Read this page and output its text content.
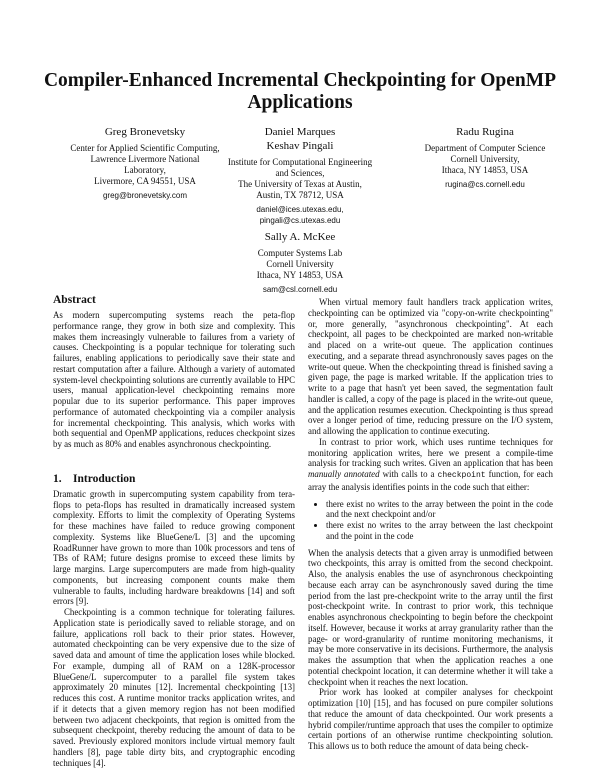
Compiler-Enhanced Incremental Checkpointing for OpenMP Applications
Greg Bronevetsky
Center for Applied Scientific Computing,
Lawrence Livermore National
Laboratory,
Livermore, CA 94551, USA
greg@bronevetsky.com
Daniel Marques
Keshav Pingali
Institute for Computational Engineering
and Sciences,
The University of Texas at Austin,
Austin, TX 78712, USA
daniel@ices.utexas.edu,
pingali@cs.utexas.edu
Radu Rugina
Department of Computer Science
Cornell University,
Ithaca, NY 14853, USA
rugina@cs.cornell.edu
Sally A. McKee
Computer Systems Lab
Cornell University
Ithaca, NY 14853, USA
sam@csl.cornell.edu
Abstract

As modern supercomputing systems reach the peta-flop performance range, they grow in both size and complexity. This makes them increasingly vulnerable to failures from a variety of causes. Checkpointing is a popular technique for tolerating such failures, enabling applications to periodically save their state and restart computation after a failure. Although a variety of automated system-level checkpointing solutions are currently available to HPC users, manual application-level checkpointing remains more popular due to its superior performance. This paper improves performance of automated checkpointing via a compiler analysis for incremental checkpointing. This analysis, which works with both sequential and OpenMP applications, reduces checkpoint sizes by as much as 80% and enables asynchronous checkpointing.

1. Introduction

Dramatic growth in supercomputing system capability from tera-flops to peta-flops has resulted in dramatically increased system complexity. Efforts to limit the complexity of Operating Systems for these machines have failed to reduce growing component complexity. Systems like BlueGene/L [3] and the upcoming RoadRunner have grown to more than 100k processors and tens of TBs of RAM; future designs promise to exceed these limits by large margins. Large supercomputers are made from high-quality components, but increasing component counts make them vulnerable to faults, including hardware breakdowns [14] and soft errors [9].

Checkpointing is a common technique for tolerating failures. Application state is periodically saved to reliable storage, and on failure, applications roll back to their prior states. However, automated checkpointing can be very expensive due to the size of saved data and amount of time the application loses while blocked. For example, dumping all of RAM on a 128K-processor BlueGene/L supercomputer to a parallel file system takes approximately 20 minutes [12]. Incremental checkpointing [13] reduces this cost. A runtime monitor tracks application writes, and if it detects that a given memory region has not been modified between two adjacent checkpoints, that region is omitted from the subsequent checkpoint, thereby reducing the amount of data to be saved. Previously explored monitors include virtual memory fault handlers [8], page table dirty bits, and cryptographic encoding techniques [4].

When virtual memory fault handlers track application writes, checkpointing can be optimized via "copy-on-write checkpointing" or, more generally, "asynchronous checkpointing". At each checkpoint, all pages to be checkpointed are marked non-writable and placed on a write-out queue. The application continues executing, and a separate thread asynchronously saves pages on the write-out queue. When the checkpointing thread is finished saving a given page, the page is marked writable. If the application tries to write to a page that hasn't yet been saved, the segmentation fault handler is called, a copy of the page is placed in the write-out queue, and the application resumes execution. Checkpointing is thus spread over a longer period of time, reducing pressure on the I/O system, and allowing the application to continue executing.

In contrast to prior work, which uses runtime techniques for monitoring application writes, here we present a compile-time analysis for tracking such writes. Given an application that has been manually annotated with calls to a checkpoint function, for each array the analysis identifies points in the code such that either:

• there exist no writes to the array between the point in the code and the next checkpoint and/or
• there exist no writes to the array between the last checkpoint and the point in the code

When the analysis detects that a given array is unmodified between two checkpoints, this array is omitted from the second checkpoint. Also, the analysis enables the use of asynchronous checkpointing because each array can be asynchronously saved during the time period from the last pre-checkpoint write to the array until the first post-checkpoint write. In contrast to prior work, this technique enables asynchronous checkpointing to begin before the checkpoint itself. However, because it works at array granularity rather than the page- or word-granularity of runtime monitoring mechanisms, it may be more conservative in its decisions. Furthermore, the analysis makes the assumption that when the application reaches a one potential checkpoint location, it can determine whether it will take a checkpoint when it reaches the next location.

Prior work has looked at compiler analyses for checkpoint optimization [10] [15], and has focused on pure compiler solutions that reduce the amount of data checkpointed. Our work presents a hybrid compiler/runtime approach that uses the compiler to optimize certain portions of an otherwise runtime checkpointing solution. This allows us to both reduce the amount of data being check-
